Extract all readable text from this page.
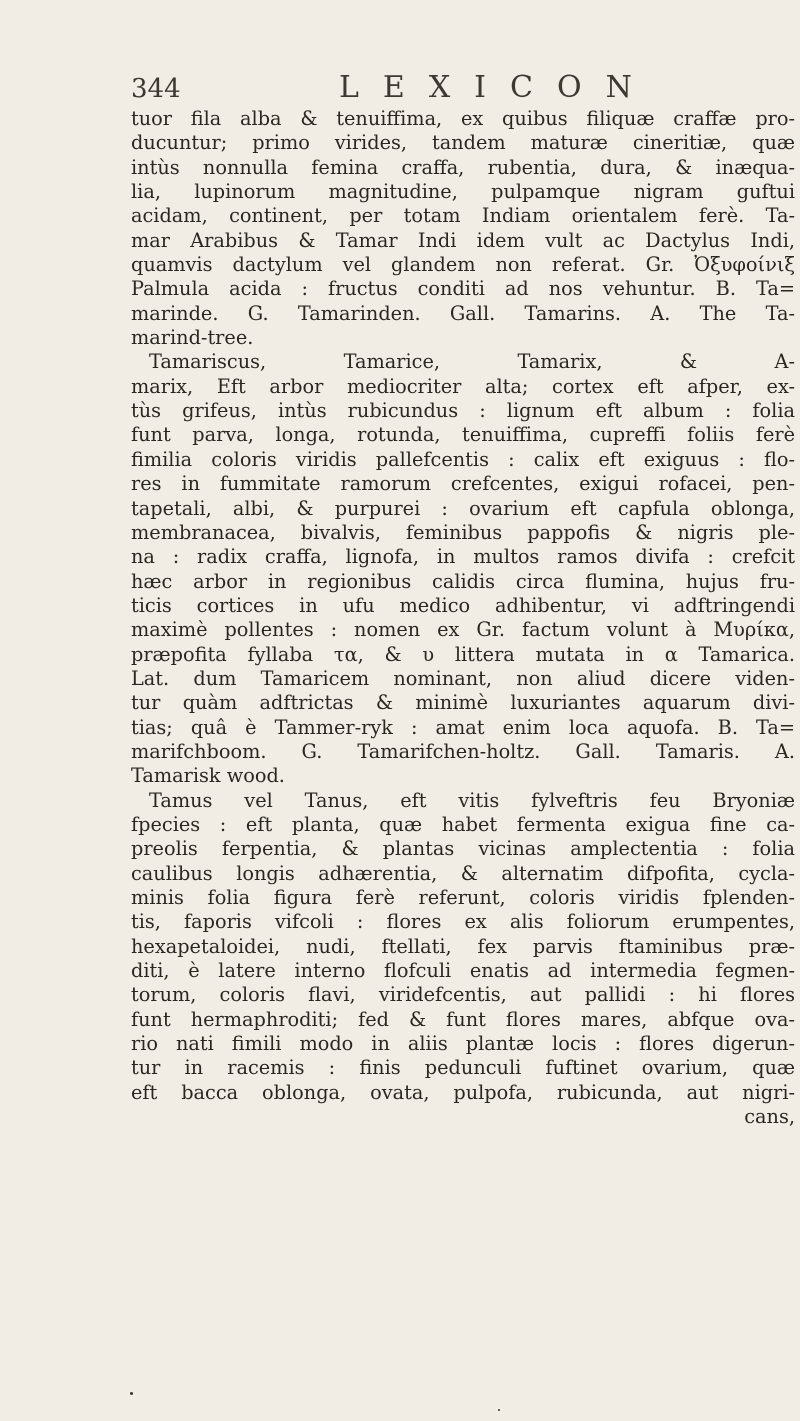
344	LEXICON
tuor fila alba & tenuiffima, ex quibus filiquæ craffæ pro-
ducuntur; primo virides, tandem maturæ cineritiæ, quæ
intùs nonnulla femina craffa, rubentia, dura, & inæqua-
lia, lupinorum magnitudine, pulpamque nigram guftui
acidam, continent, per totam Indiam orientalem ferè. Ta-
mar Arabibus & Tamar Indi idem vult ac Dactylus Indi,
quamvis dactylum vel glandem non referat. Gr. Ὀξυφοίνιξ
Palmula acida : fructus conditi ad nos vehuntur. B. Ta=
marinde. G. Tamarinden. Gall. Tamarins. A. The Ta-
marind-tree.
Tamariscus, Tamarice, Tamarix, & A-
marix, Eft arbor mediocriter alta; cortex eft afper, ex-
tùs grifeus, intùs rubicundus : lignum eft album : folia
funt parva, longa, rotunda, tenuiffima, cupreffi foliis ferè
fimilia coloris viridis pallefcentis : calix eft exiguus : flo-
res in fummitate ramorum crefcentes, exigui rofacei, pen-
tapetali, albi, & purpurei : ovarium eft capfula oblonga,
membranacea, bivalvis, feminibus pappofis & nigris ple-
na : radix craffa, lignofa, in multos ramos divifa : crefcit
hæc arbor in regionibus calidis circa flumina, hujus fru-
ticis cortices in ufu medico adhibentur, vi adftringendi
maximè pollentes : nomen ex Gr. factum volunt à Μυρίκα,
præpofita fyllaba τα, & υ littera mutata in α Tamarica.
Lat. dum Tamaricem nominant, non aliud dicere viden-
tur quàm adftrictas & minimè luxuriantes aquarum divi-
tias; quâ è Tammer-ryk : amat enim loca aquofa. B. Ta=
marifchboom. G. Tamarifchen-holtz. Gall. Tamaris. A.
Tamarisk wood.
Tamus vel Tanus, eft vitis fylveftris feu Bryoniæ
fpecies : eft planta, quæ habet fermenta exigua fine ca-
preolis ferpentia, & plantas vicinas amplectentia : folia
caulibus longis adhærentia, & alternatim difpofita, cycla-
minis folia figura ferè referunt, coloris viridis fplenden-
tis, faporis vifcoli : flores ex alis foliorum erumpentes,
hexapetaloidei, nudi, ftellati, fex parvis ftaminibus præ-
diti, è latere interno flofculi enatis ad intermedia fegmen-
torum, coloris flavi, viridefcentis, aut pallidi : hi flores
funt hermaphroditi; fed & funt flores mares, abfque ova-
rio nati fimili modo in aliis plantæ locis : flores digerun-
tur in racemis : finis pedunculi fuftinet ovarium, quæ
eft bacca oblonga, ovata, pulpofa, rubicunda, aut nigri-
cans,
